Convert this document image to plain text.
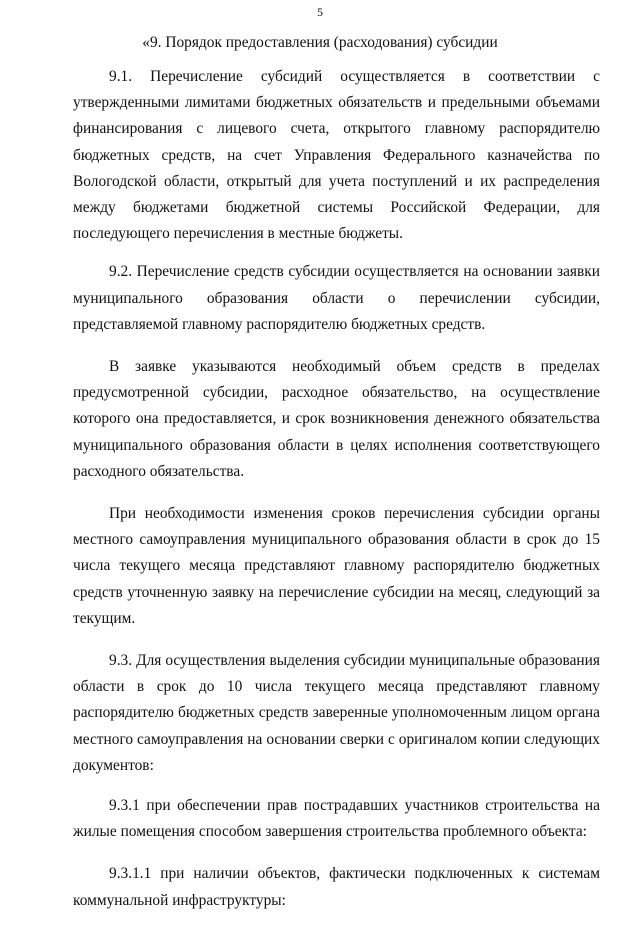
5
«9. Порядок предоставления (расходования) субсидии

9.1. Перечисление субсидий осуществляется в соответствии с утвержденными лимитами бюджетных обязательств и предельными объемами финансирования с лицевого счета, открытого главному распорядителю бюджетных средств, на счет Управления Федерального казначейства по Вологодской области, открытый для учета поступлений и их распределения между бюджетами бюджетной системы Российской Федерации, для последующего перечисления в местные бюджеты.

9.2. Перечисление средств субсидии осуществляется на основании заявки муниципального образования области о перечислении субсидии, представляемой главному распорядителю бюджетных средств.

В заявке указываются необходимый объем средств в пределах предусмотренной субсидии, расходное обязательство, на осуществление которого она предоставляется, и срок возникновения денежного обязательства муниципального образования области в целях исполнения соответствующего расходного обязательства.

При необходимости изменения сроков перечисления субсидии органы местного самоуправления муниципального образования области в срок до 15 числа текущего месяца представляют главному распорядителю бюджетных средств уточненную заявку на перечисление субсидии на месяц, следующий за текущим.

9.3. Для осуществления выделения субсидии муниципальные образования области в срок до 10 числа текущего месяца представляют главному распорядителю бюджетных средств заверенные уполномоченным лицом органа местного самоуправления на основании сверки с оригиналом копии следующих документов:

9.3.1 при обеспечении прав пострадавших участников строительства на жилые помещения способом завершения строительства проблемного объекта:

9.3.1.1 при наличии объектов, фактически подключенных к системам коммунальной инфраструктуры:
